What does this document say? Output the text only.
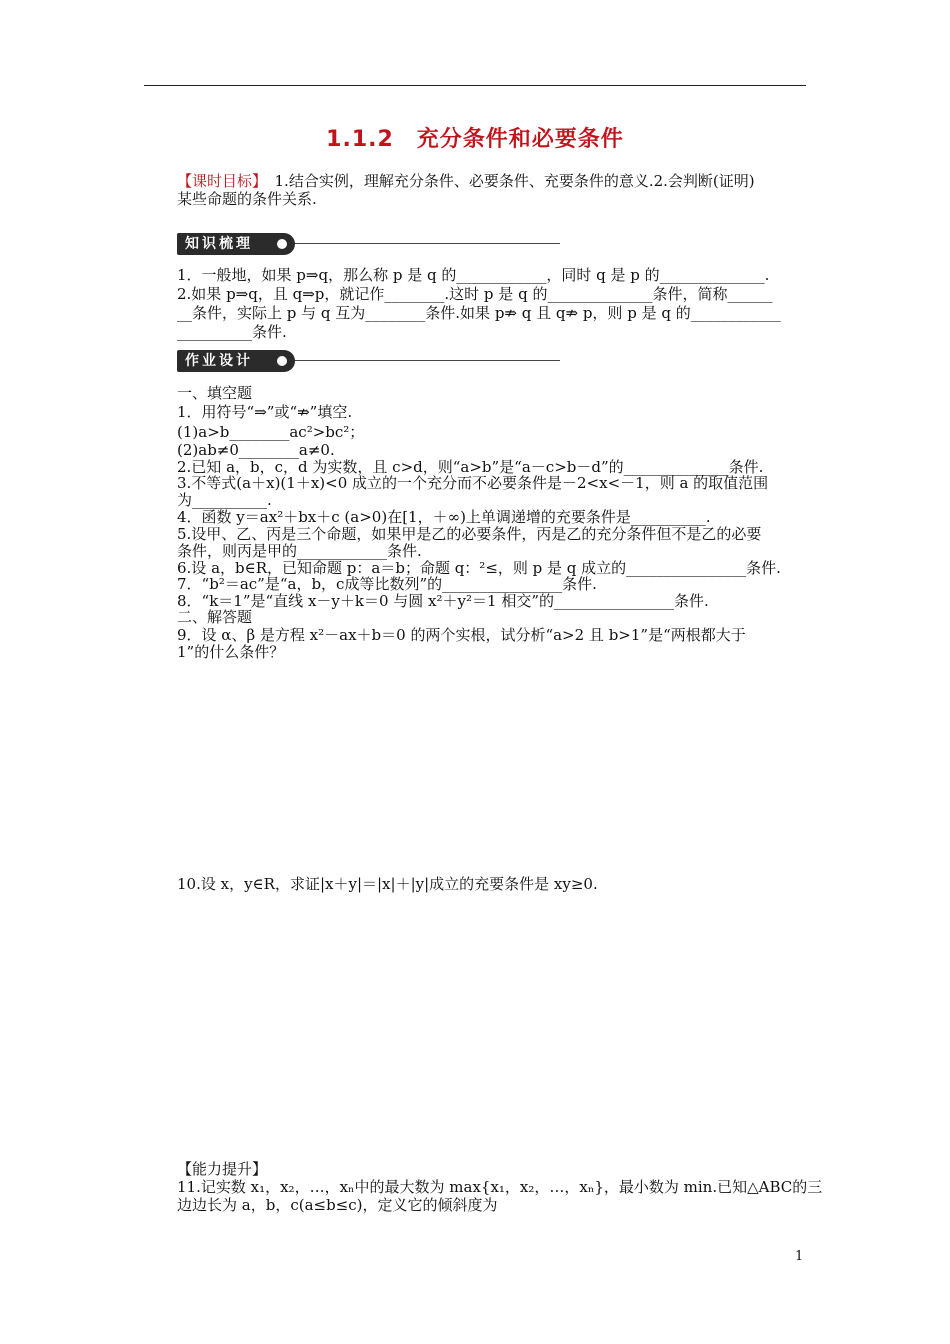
1.1.2　充分条件和必要条件
【课时目标】　1.结合实例，理解充分条件、必要条件、充要条件的意义.2.会判断(证明)
某些命题的条件关系.
知识梳理
1．一般地，如果 p⇒q，那么称 p 是 q 的____________，同时 q 是 p 的______________.
2.如果 p⇒q，且 q⇒p，就记作________.这时 p 是 q 的______________条件，简称______
__条件，实际上 p 与 q 互为________条件.如果 p⇏ q 且 q⇏ p，则 p 是 q 的____________
__________条件.
作业设计
一、填空题
1．用符号“⇒”或“⇏”填空.
(1)a>b________ac²>bc²；
(2)ab≠0________a≠0.
2.已知 a，b，c，d 为实数，且 c>d，则“a>b”是“a－c>b－d”的______________条件.
3.不等式(a＋x)(1＋x)<0 成立的一个充分而不必要条件是－2<x<－1，则 a 的取值范围
为__________.
4．函数 y＝ax²＋bx＋c (a>0)在[1，＋∞)上单调递增的充要条件是__________.
5.设甲、乙、丙是三个命题，如果甲是乙的必要条件，丙是乙的充分条件但不是乙的必要
条件，则丙是甲的____________条件.
6.设 a，b∈R，已知命题 p：a＝b；命题 q：²≤，则 p 是 q 成立的________________条件.
7．“b²＝ac”是“a，b，c成等比数列”的________________条件.
8．“k＝1”是“直线 x－y＋k＝0 与圆 x²＋y²＝1 相交”的________________条件.
二、解答题
9．设 α、β 是方程 x²－ax＋b＝0 的两个实根，试分析“a>2 且 b>1”是“两根都大于
1”的什么条件？
10.设 x，y∈R，求证|x＋y|＝|x|＋|y|成立的充要条件是 xy≥0.
【能力提升】
11.记实数 x₁，x₂，…，xₙ中的最大数为 max{x₁，x₂，…，xₙ}，最小数为 min.已知△ABC的三
边边长为 a，b，c(a≤b≤c)，定义它的倾斜度为
1
